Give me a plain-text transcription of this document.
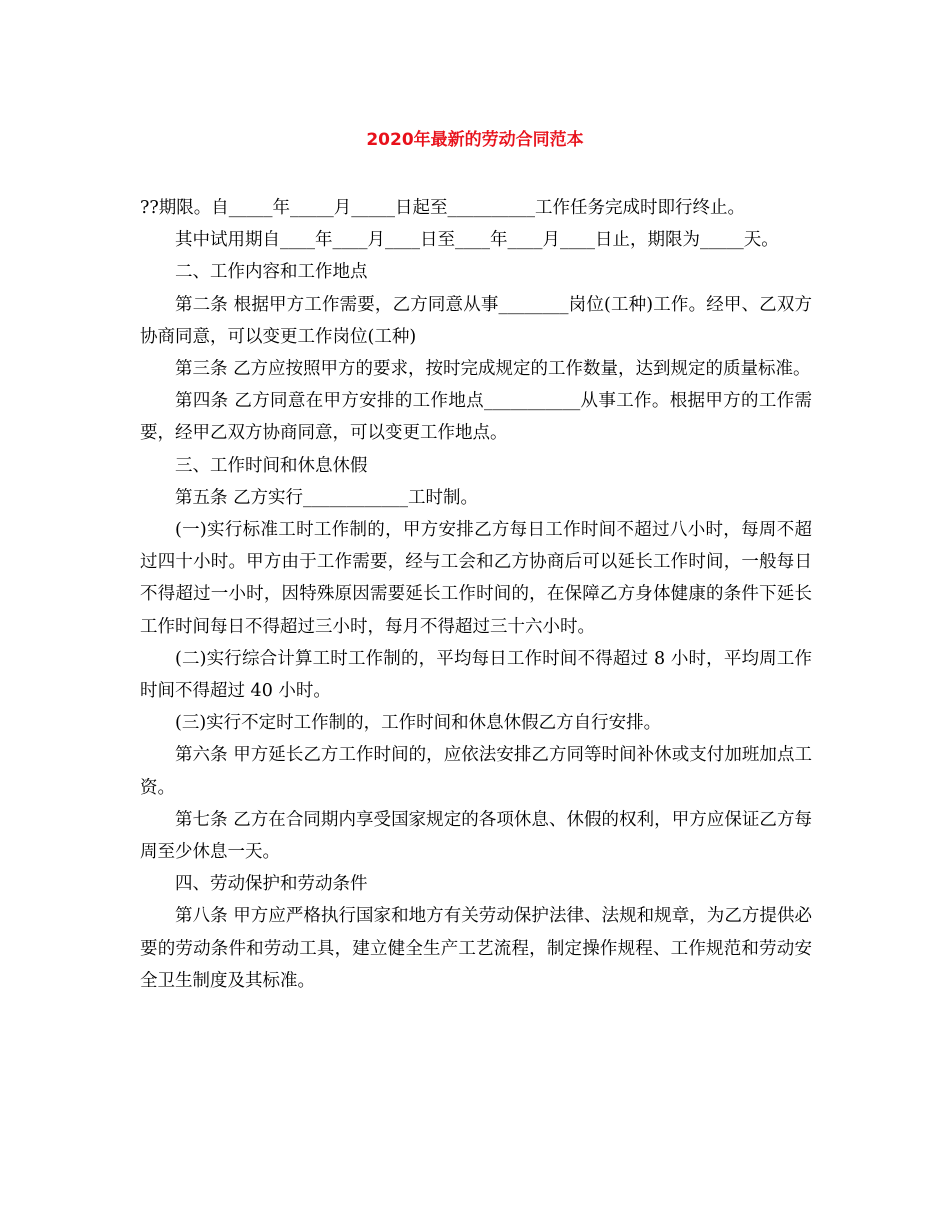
2020年最新的劳动合同范本

??期限。自_____年_____月_____日起至__________工作任务完成时即行终止。

其中试用期自____年____月____日至____年____月____日止，期限为_____天。

二、工作内容和工作地点

第二条 根据甲方工作需要，乙方同意从事________岗位(工种)工作。经甲、乙双方协商同意，可以变更工作岗位(工种)

第三条 乙方应按照甲方的要求，按时完成规定的工作数量，达到规定的质量标准。

第四条 乙方同意在甲方安排的工作地点___________从事工作。根据甲方的工作需要，经甲乙双方协商同意，可以变更工作地点。

三、工作时间和休息休假

第五条 乙方实行____________工时制。

(一)实行标准工时工作制的，甲方安排乙方每日工作时间不超过八小时，每周不超过四十小时。甲方由于工作需要，经与工会和乙方协商后可以延长工作时间，一般每日不得超过一小时，因特殊原因需要延长工作时间的，在保障乙方身体健康的条件下延长工作时间每日不得超过三小时，每月不得超过三十六小时。

(二)实行综合计算工时工作制的，平均每日工作时间不得超过 8 小时，平均周工作时间不得超过 40 小时。

(三)实行不定时工作制的，工作时间和休息休假乙方自行安排。

第六条 甲方延长乙方工作时间的，应依法安排乙方同等时间补休或支付加班加点工资。

第七条 乙方在合同期内享受国家规定的各项休息、休假的权利，甲方应保证乙方每周至少休息一天。

四、劳动保护和劳动条件

第八条 甲方应严格执行国家和地方有关劳动保护法律、法规和规章，为乙方提供必要的劳动条件和劳动工具，建立健全生产工艺流程，制定操作规程、工作规范和劳动安全卫生制度及其标准。
